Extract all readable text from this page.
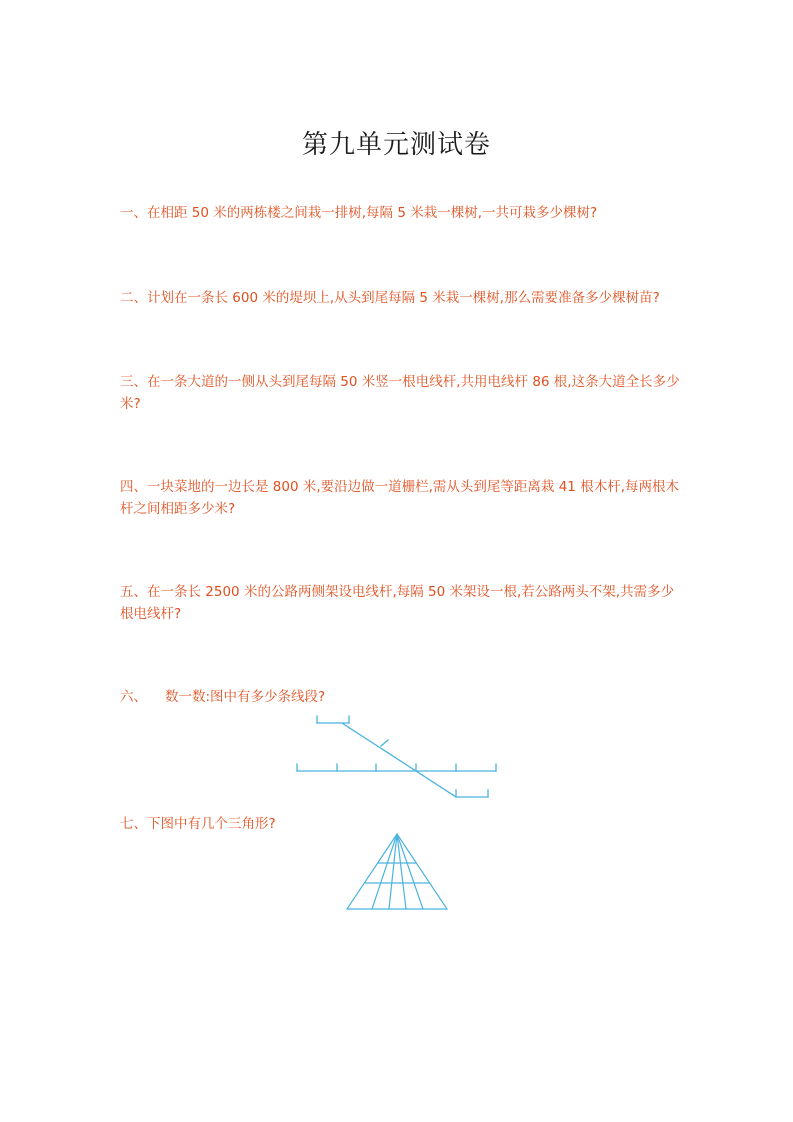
第九单元测试卷
一、在相距 50 米的两栋楼之间栽一排树,每隔 5 米栽一棵树,一共可栽多少棵树?
二、计划在一条长 600 米的堤坝上,从头到尾每隔 5 米栽一棵树,那么需要准备多少棵树苗?
三、在一条大道的一侧从头到尾每隔 50 米竖一根电线杆,共用电线杆 86 根,这条大道全长多少米?
四、一块菜地的一边长是 800 米,要沿边做一道栅栏,需从头到尾等距离栽 41 根木杆,每两根木杆之间相距多少米?
五、在一条长 2500 米的公路两侧架设电线杆,每隔 50 米架设一根,若公路两头不架,共需多少根电线杆?
六、 数一数:图中有多少条线段?
七、下图中有几个三角形?
